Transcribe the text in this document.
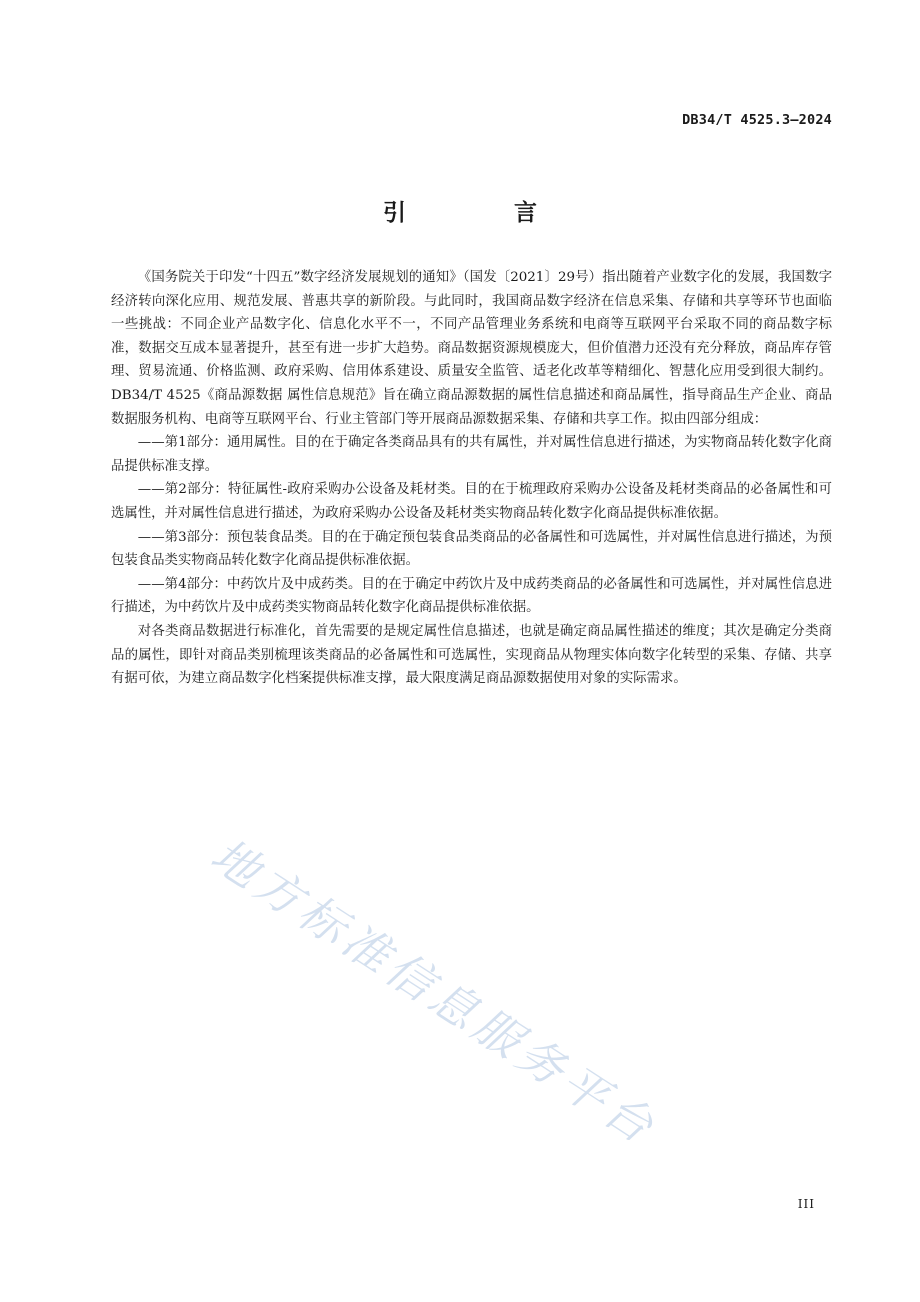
DB34/T 4525.3—2024
引 言

《国务院关于印发“十四五”数字经济发展规划的通知》（国发〔2021〕29号）指出随着产业数字化的发展，我国数字经济转向深化应用、规范发展、普惠共享的新阶段。与此同时，我国商品数字经济在信息采集、存储和共享等环节也面临一些挑战：不同企业产品数字化、信息化水平不一，不同产品管理业务系统和电商等互联网平台采取不同的商品数字标准，数据交互成本显著提升，甚至有进一步扩大趋势。商品数据资源规模庞大，但价值潜力还没有充分释放，商品库存管理、贸易流通、价格监测、政府采购、信用体系建设、质量安全监管、适老化改革等精细化、智慧化应用受到很大制约。DB34/T 4525《商品源数据 属性信息规范》旨在确立商品源数据的属性信息描述和商品属性，指导商品生产企业、商品数据服务机构、电商等互联网平台、行业主管部门等开展商品源数据采集、存储和共享工作。拟由四部分组成：

——第1部分：通用属性。目的在于确定各类商品具有的共有属性，并对属性信息进行描述，为实物商品转化数字化商品提供标准支撑。

——第2部分：特征属性-政府采购办公设备及耗材类。目的在于梳理政府采购办公设备及耗材类商品的必备属性和可选属性，并对属性信息进行描述，为政府采购办公设备及耗材类实物商品转化数字化商品提供标准依据。

——第3部分：预包装食品类。目的在于确定预包装食品类商品的必备属性和可选属性，并对属性信息进行描述，为预包装食品类实物商品转化数字化商品提供标准依据。

——第4部分：中药饮片及中成药类。目的在于确定中药饮片及中成药类商品的必备属性和可选属性，并对属性信息进行描述，为中药饮片及中成药类实物商品转化数字化商品提供标准依据。

对各类商品数据进行标准化，首先需要的是规定属性信息描述，也就是确定商品属性描述的维度；其次是确定分类商品的属性，即针对商品类别梳理该类商品的必备属性和可选属性，实现商品从物理实体向数字化转型的采集、存储、共享有据可依，为建立商品数字化档案提供标准支撑，最大限度满足商品源数据使用对象的实际需求。

地方标准信息服务平台
III
